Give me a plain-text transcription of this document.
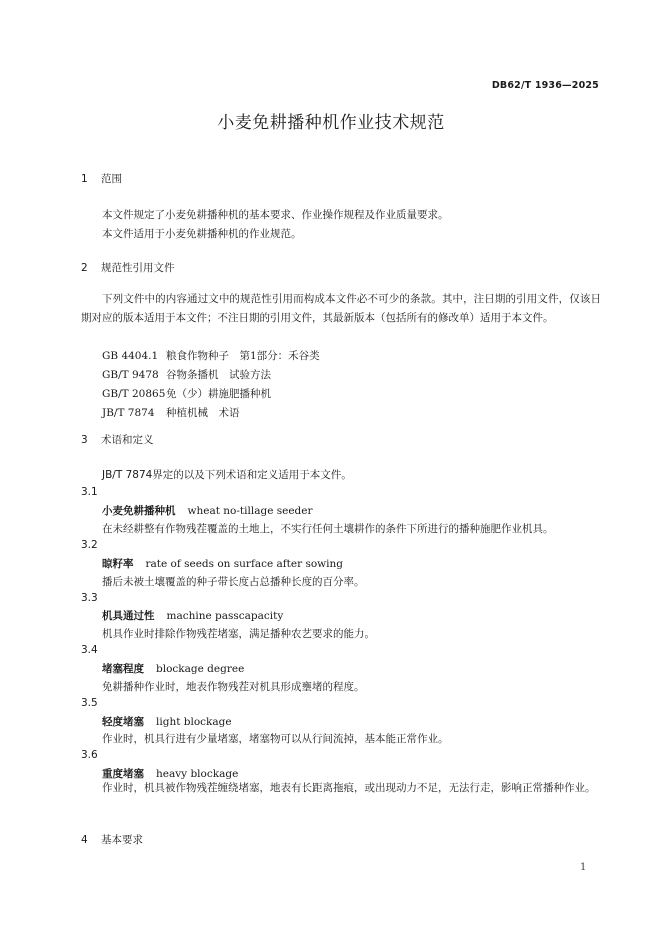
DB62/T 1936—2025
小麦免耕播种机作业技术规范
1 范围
本文件规定了小麦免耕播种机的基本要求、作业操作规程及作业质量要求。
本文件适用于小麦免耕播种机的作业规范。
2 规范性引用文件
下列文件中的内容通过文中的规范性引用而构成本文件必不可少的条款。其中，注日期的引用文件，仅该日期对应的版本适用于本文件；不注日期的引用文件，其最新版本（包括所有的修改单）适用于本文件。
GB 4404.1 粮食作物种子　第1部分：禾谷类
GB/T 9478 谷物条播机　试验方法
GB/T 20865免（少）耕施肥播种机
JB/T 7874 种植机械　术语
3 术语和定义
JB/T 7874界定的以及下列术语和定义适用于本文件。
3.1
小麦免耕播种机 wheat no-tillage seeder
在未经耕整有作物残茬覆盖的土地上，不实行任何土壤耕作的条件下所进行的播种施肥作业机具。
3.2
晾籽率 rate of seeds on surface after sowing
播后未被土壤覆盖的种子带长度占总播种长度的百分率。
3.3
机具通过性 machine passcapacity
机具作业时排除作物残茬堵塞，满足播种农艺要求的能力。
3.4
堵塞程度 blockage degree
免耕播种作业时，地表作物残茬对机具形成壅堵的程度。
3.5
轻度堵塞 light blockage
作业时，机具行进有少量堵塞，堵塞物可以从行间流掉，基本能正常作业。
3.6
重度堵塞 heavy blockage
作业时，机具被作物残茬缠绕堵塞，地表有长距离拖痕，或出现动力不足，无法行走，影响正常播种作业。
4 基本要求
1
